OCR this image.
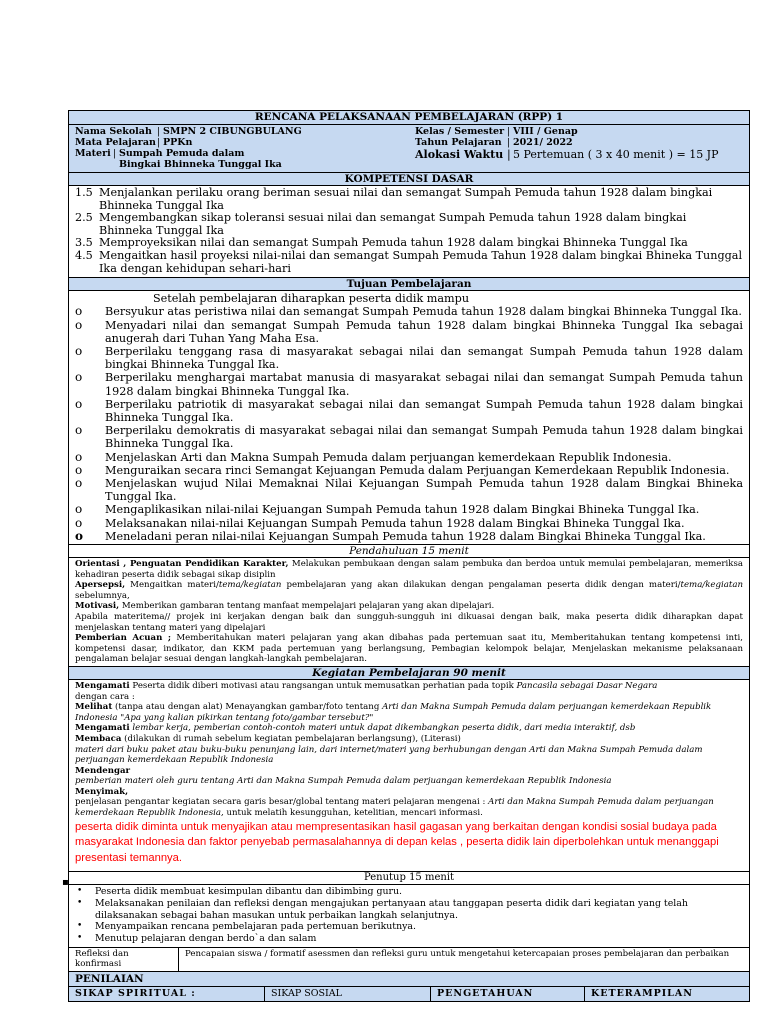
▪
RENCANA PELAKSANAAN PEMBELAJARAN (RPP) 1
Nama Sekolah | SMPN 2 CIBUNGBULANG
Mata Pelajaran | PPKn
Materi | Sumpah Pemuda dalam Bingkai Bhinneka Tunggal Ika
Kelas / Semester | VIII / Genap
Tahun Pelajaran | 2021/ 2022
Alokasi Waktu | 5 Pertemuan ( 3 x 40 menit ) = 15 JP
KOMPETENSI DASAR
1.5 Menjalankan perilaku orang beriman sesuai nilai dan semangat Sumpah Pemuda tahun 1928 dalam bingkai Bhinneka Tunggal Ika
2.5 Mengembangkan sikap toleransi sesuai nilai dan semangat Sumpah Pemuda tahun 1928 dalam bingkai Bhinneka Tunggal Ika
3.5 Memproyeksikan nilai dan semangat Sumpah Pemuda tahun 1928 dalam bingkai Bhinneka Tunggal Ika
4.5 Mengaitkan hasil proyeksi nilai-nilai dan semangat Sumpah Pemuda Tahun 1928 dalam bingkai Bhineka Tunggal Ika dengan kehidupan sehari-hari
Tujuan Pembelajaran
Setelah pembelajaran diharapkan peserta didik mampu
o	Bersyukur atas peristiwa nilai dan semangat Sumpah Pemuda tahun 1928 dalam bingkai Bhinneka Tunggal Ika.
o	Menyadari nilai dan semangat Sumpah Pemuda tahun 1928 dalam bingkai Bhinneka Tunggal Ika sebagai anugerah dari Tuhan Yang Maha Esa.
o	Berperilaku tenggang rasa di masyarakat sebagai nilai dan semangat Sumpah Pemuda tahun 1928 dalam bingkai Bhinneka Tunggal Ika.
o	Berperilaku menghargai martabat manusia di masyarakat sebagai nilai dan semangat Sumpah Pemuda tahun 1928 dalam bingkai Bhinneka Tunggal Ika.
o	Berperilaku patriotik di masyarakat sebagai nilai dan semangat Sumpah Pemuda tahun 1928 dalam bingkai Bhinneka Tunggal Ika.
o	Berperilaku demokratis di masyarakat sebagai nilai dan semangat Sumpah Pemuda tahun 1928 dalam bingkai Bhinneka Tunggal Ika.
o	Menjelaskan Arti dan Makna Sumpah Pemuda dalam perjuangan kemerdekaan Republik Indonesia.
o	Menguraikan secara rinci Semangat Kejuangan Pemuda dalam Perjuangan Kemerdekaan Republik Indonesia.
o	Menjelaskan wujud Nilai Memaknai Nilai Kejuangan Sumpah Pemuda tahun 1928 dalam Bingkai Bhineka Tunggal Ika.
o	Mengaplikasikan nilai-nilai Kejuangan Sumpah Pemuda tahun 1928 dalam Bingkai Bhineka Tunggal Ika.
o	Melaksanakan nilai-nilai Kejuangan Sumpah Pemuda tahun 1928 dalam Bingkai Bhineka Tunggal Ika.
o	Meneladani peran nilai-nilai Kejuangan Sumpah Pemuda tahun 1928 dalam Bingkai Bhineka Tunggal Ika.
Pendahuluan 15 menit
Orientasi , Penguatan Pendidikan Karakter, Melakukan pembukaan dengan salam pembuka dan berdoa untuk memulai pembelajaran, memeriksa kehadiran peserta didik sebagai sikap disiplin
Apersepsi, Mengaitkan materi/tema/kegiatan pembelajaran yang akan dilakukan dengan pengalaman peserta didik dengan materi/tema/kegiatan sebelumnya,
Motivasi, Memberikan gambaran tentang manfaat mempelajari pelajaran yang akan dipelajari.
Apabila materitema// projek ini kerjakan dengan baik dan sungguh-sungguh ini dikuasai dengan baik, maka peserta didik diharapkan dapat menjelaskan tentang materi yang dipelajari
Pemberian Acuan ; Memberitahukan materi pelajaran yang akan dibahas pada pertemuan saat itu, Memberitahukan tentang kompetensi inti, kompetensi dasar, indikator, dan KKM pada pertemuan yang berlangsung, Pembagian kelompok belajar, Menjelaskan mekanisme pelaksanaan pengalaman belajar sesuai dengan langkah-langkah pembelajaran.
Kegiatan Pembelajaran 90 menit
Mengamati Peserta didik diberi motivasi atau rangsangan untuk memusatkan perhatian pada topik Pancasila sebagai Dasar Negara
dengan cara :
Melihat (tanpa atau dengan alat) Menayangkan gambar/foto tentang Arti dan Makna Sumpah Pemuda dalam perjuangan kemerdekaan Republik Indonesia "Apa yang kalian pikirkan tentang foto/gambar tersebut?"
Mengamati lembar kerja, pemberian contoh-contoh materi untuk dapat dikembangkan peserta didik, dari media interaktif, dsb
Membaca (dilakukan di rumah sebelum kegiatan pembelajaran berlangsung), (Literasi)
materi dari buku paket atau buku-buku penunjang lain, dari internet/materi yang berhubungan dengan Arti dan Makna Sumpah Pemuda dalam perjuangan kemerdekaan Republik Indonesia
Mendengar
pemberian materi oleh guru tentang Arti dan Makna Sumpah Pemuda dalam perjuangan kemerdekaan Republik Indonesia
Menyimak,
penjelasan pengantar kegiatan secara garis besar/global tentang materi pelajaran mengenai : Arti dan Makna Sumpah Pemuda dalam perjuangan kemerdekaan Republik Indonesia, untuk melatih kesungguhan, ketelitian, mencari informasi.
peserta didik diminta untuk menyajikan atau mempresentasikan hasil gagasan yang berkaitan dengan kondisi sosial budaya pada masyarakat Indonesia dan faktor penyebab permasalahannya di depan kelas , peserta didik lain diperbolehkan untuk menanggapi presentasi temannya.
Penutup 15 menit
•	Peserta didik membuat kesimpulan dibantu dan dibimbing guru.
•	Melaksanakan penilaian dan refleksi dengan mengajukan pertanyaan atau tanggapan peserta didik dari kegiatan yang telah dilaksanakan sebagai bahan masukan untuk perbaikan langkah selanjutnya.
•	Menyampaikan rencana pembelajaran pada pertemuan berikutnya.
•	Menutup pelajaran dengan berdo`a dan salam
Refleksi dan konfirmasi
Pencapaian siswa / formatif asessmen dan refleksi guru untuk mengetahui ketercapaian proses pembelajaran dan perbaikan
PENILAIAN
SIKAP SPIRITUAL :	SIKAP SOSIAL	PENGETAHUAN	KETERAMPILAN
